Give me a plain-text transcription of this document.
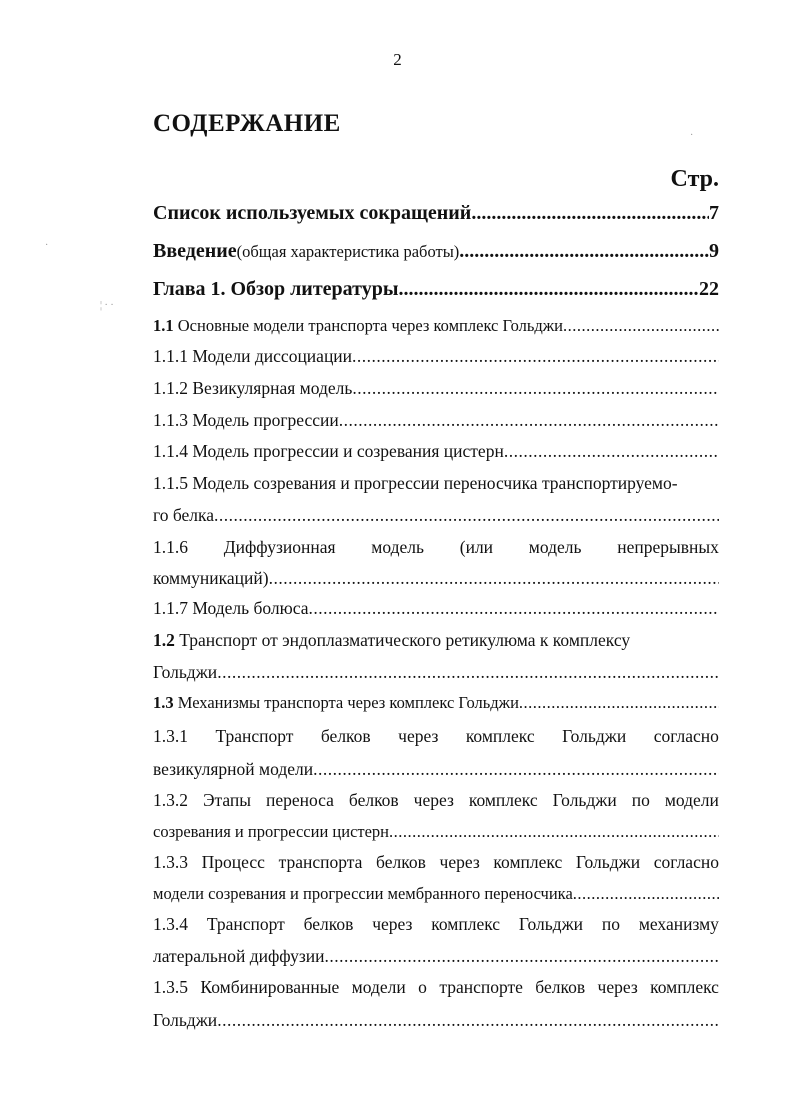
2
СОДЕРЖАНИЕ
Стр.
·
¦ · ·
·
Список используемых сокращений .....	7
Введение (общая характеристика работы) .....	9
Глава 1. Обзор литературы .....	22
1.1 Основные модели транспорта через комплекс Гольджи .....
1.1.1 Модели диссоциации .....
1.1.2 Везикулярная модель .....
1.1.3 Модель прогрессии .....
1.1.4 Модель прогрессии и созревания цистерн .....
1.1.5 Модель созревания и прогрессии переносчика транспортируемо-
го белка .....
1.1.6 Диффузионная модель (или модель непрерывных
коммуникаций) .....
1.1.7 Модель болюса .....
1.2 Транспорт от эндоплазматического ретикулюма к комплексу
Гольджи .....
1.3 Механизмы транспорта через комплекс Гольджи .....
1.3.1 Транспорт белков через комплекс Гольджи согласно
везикулярной модели .....
1.3.2 Этапы переноса белков через комплекс Гольджи по модели
созревания и прогрессии цистерн .....
1.3.3 Процесс транспорта белков через комплекс Гольджи согласно
модели созревания и прогрессии мембранного переносчика .....
1.3.4 Транспорт белков через комплекс Гольджи по механизму
латеральной диффузии .....
1.3.5 Комбинированные модели о транспорте белков через комплекс
Гольджи .....
